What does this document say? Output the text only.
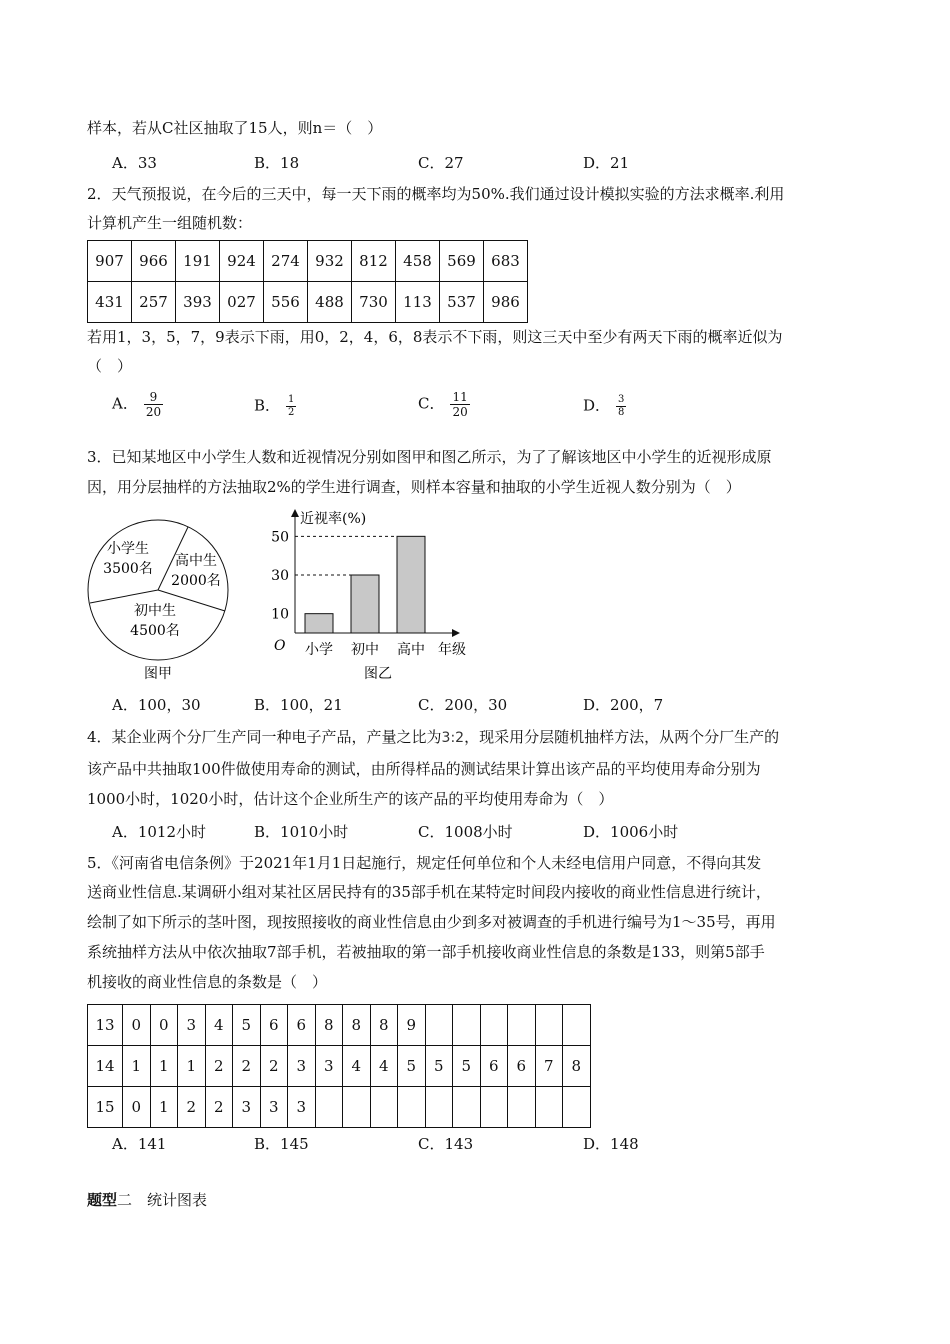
样本，若从C社区抽取了15人，则n＝（　）
A．33	B．18	C．27	D．21
2．天气预报说，在今后的三天中，每一天下雨的概率均为50%.我们通过设计模拟实验的方法求概率.利用
计算机产生一组随机数：
907	966	191	924	274	932	812	458	569	683
431	257	393	027	556	488	730	113	537	986
若用1，3，5，7，9表示下雨，用0，2，4，6，8表示不下雨，则这三天中至少有两天下雨的概率近似为
（　）
A． $\frac{9}{20}$	B． $\frac{1}{2}$	C． $\frac{11}{20}$	D． $\frac{3}{8}$
3．已知某地区中小学生人数和近视情况分别如图甲和图乙所示，为了了解该地区中小学生的近视形成原
因，用分层抽样的方法抽取2%的学生进行调查，则样本容量和抽取的小学生近视人数分别为（　）
小学生
3500名 高中生
2000名
初中生
4500名
图甲
近视率(%)
年级
O
10
30
50
小学 初中 高中
图乙
A．100，30	B．100，21	C．200，30	D．200，7
4．某企业两个分厂生产同一种电子产品，产量之比为3:2，现采用分层随机抽样方法，从两个分厂生产的
该产品中共抽取100件做使用寿命的测试，由所得样品的测试结果计算出该产品的平均使用寿命分别为
1000小时，1020小时，估计这个企业所生产的该产品的平均使用寿命为（　）
A．1012小时	B．1010小时	C．1008小时	D．1006小时
5．《河南省电信条例》于2021年1月1日起施行，规定任何单位和个人未经电信用户同意，不得向其发
送商业性信息.某调研小组对某社区居民持有的35部手机在某特定时间段内接收的商业性信息进行统计，
绘制了如下所示的茎叶图，现按照接收的商业性信息由少到多对被调查的手机进行编号为1～35号，再用
系统抽样方法从中依次抽取7部手机，若被抽取的第一部手机接收商业性信息的条数是133，则第5部手
机接收的商业性信息的条数是（　）
13	0	0	3	4	5	6	6	8	8	8	9						
14	1	1	1	2	2	2	3	3	4	4	5	5	5	6	6	7	8
15	0	1	2	2	3	3	3										
A．141	B．145	C．143	D．148
题型二　统计图表
